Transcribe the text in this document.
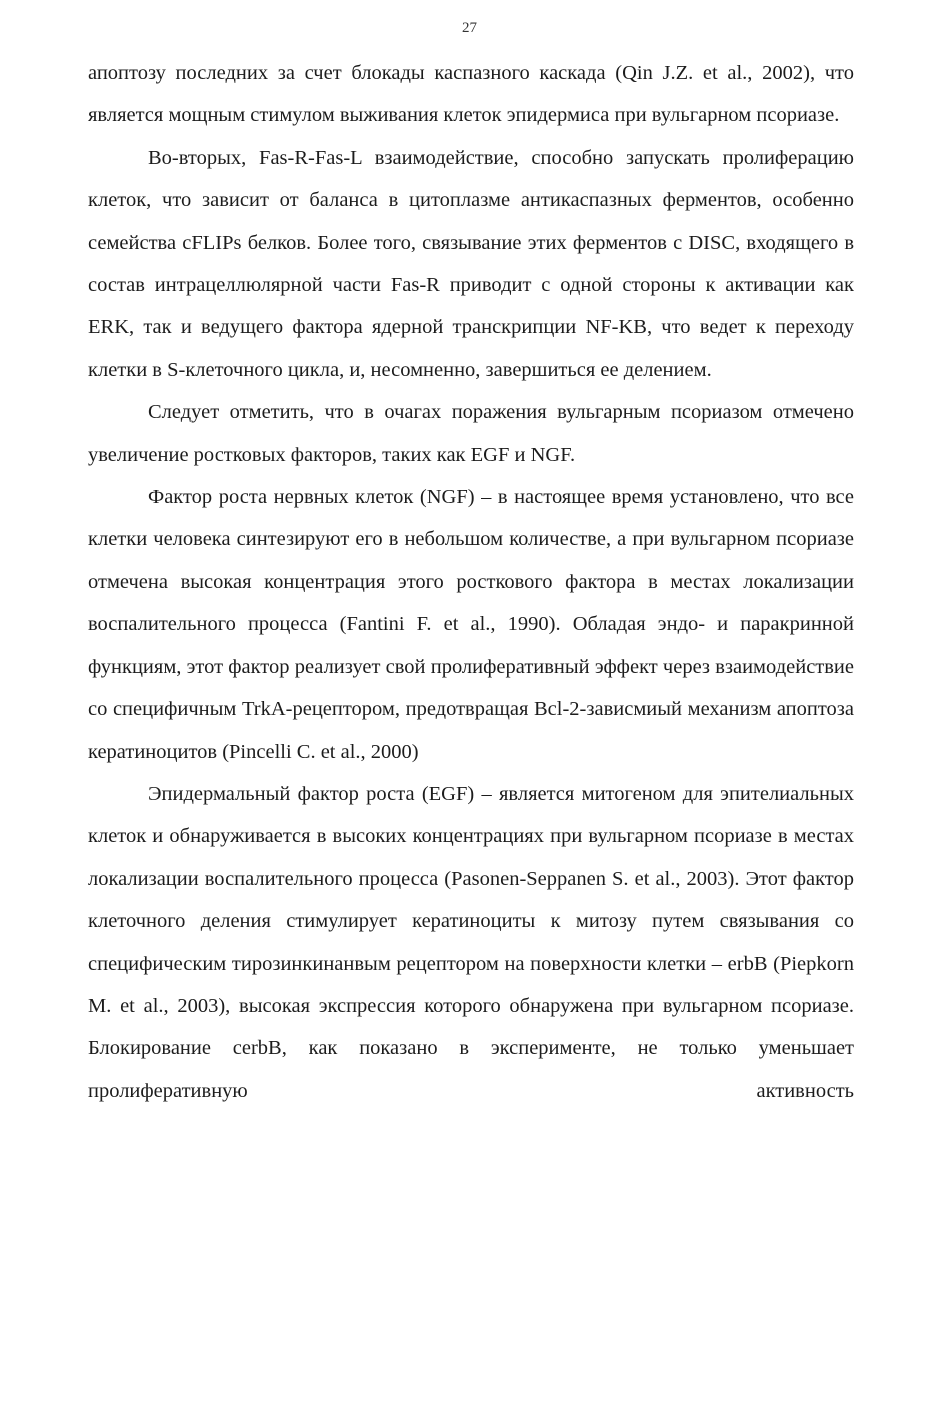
27

апоптозу последних за счет блокады каспазного каскада (Qin J.Z. et al., 2002), что является мощным стимулом выживания клеток эпидермиса при вульгарном псориазе.

Во-вторых, Fas-R-Fas-L взаимодействие, способно запускать пролиферацию клеток, что зависит от баланса в цитоплазме антикаспазных ферментов, особенно семейства cFLIPs белков. Более того, связывание этих ферментов с DISC, входящего в состав интрацеллюлярной части Fas-R приводит с одной стороны к активации как ERK, так и ведущего фактора ядерной транскрипции NF-KB, что ведет к переходу клетки в S-клеточного цикла, и, несомненно, завершиться ее делением.

Следует отметить, что в очагах поражения вульгарным псориазом отмечено увеличение ростковых факторов, таких как EGF и NGF.

Фактор роста нервных клеток (NGF) – в настоящее время установлено, что все клетки человека синтезируют его в небольшом количестве, а при вульгарном псориазе отмечена высокая концентрация этого росткового фактора в местах локализации воспалительного процесса (Fantini F. et al., 1990). Обладая эндо- и паракринной функциям, этот фактор реализует свой пролиферативный эффект через взаимодействие со специфичным TrkA-рецептором, предотвращая Bcl-2-зависмиый механизм апоптоза кератиноцитов (Pincelli C. et al., 2000)

Эпидермальный фактор роста (EGF) – является митогеном для эпителиальных клеток и обнаруживается в высоких концентрациях при вульгарном псориазе в местах локализации воспалительного процесса (Pasonen-Seppanen S. et al., 2003). Этот фактор клеточного деления стимулирует кератиноциты к митозу путем связывания со специфическим тирозинкинанвым рецептором на поверхности клетки – erbB (Piepkorn M. et al., 2003), высокая экспрессия которого обнаружена при вульгарном псориазе. Блокирование cerbB, как показано в эксперименте, не только уменьшает пролиферативную активность
